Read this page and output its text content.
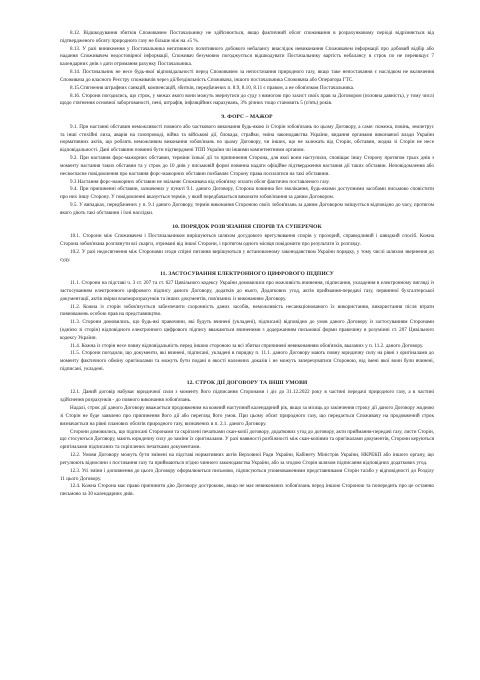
8.12. Відшкодування збитків Споживачем Постачальнику не здійснюється, якщо фактичний обсяг споживання в розрахунковому періоді відрізняється від підтвердженого обсягу природного газу не більше ніж на ±5 %.

8.13. У разі виникнення у Постачальника негативного позитивного добового небалансу внаслідок невиконання Споживачем інформації про добовий відбір або надання Споживачем недостовірної інформації, Споживач безумовно погоджується відшкодувати Постачальнику вартість небалансу в строк по не перевищує 7 календарних днів з дати отримання рахунку Постачальника.

8.14. Постачальник не несе будь-якої відповідальності перед Споживачем за непостачання природного газу, якщо таке непостачання є наслідком не включення Споживача до власного Реєстру споживачів через дії/бездіяльність Споживача, іншого постачальника Споживача або Оператора ГТС.

8.15.Стягнення штрафних санкцій, компенсацій, збитків, передбачених п. 8.9, 8.10, 8.11 є правом, а не обов'язком Постачальника.

8.16. Сторони погодились, що строк, у межах якого вони можуть звернутися до суду з вимогою про захист своїх прав за Договором (позовна давність), у тому числі щодо стягнення основної заборгованості, пені, штрафів, інфляційних нарахувань, 3% річних тощо становить 5 (п'ять) років.

9. ФОРС – МАЖОР

9.1. При настанні обставин неможливості повного або часткового виконання будь-якою із Сторін зобов'язань по цьому Договору, а саме: пожежа, повінь, землетрус та інші стихійні лиха, аварія на газопроводі, війна та військові дії, блокада, страйки, зміна законодавства України, видання органами виконавчої влади України нормативних актів, що роблять неможливим виконання зобов'язань по цьому Договору, чи інших, що не залежать від Сторін, обставин, жодна зі Сторін не несе відповідальності. Дані обставини повинні бути підтверджені ТПП України чи іншими компетентними органом.

9.2. При настання форс-мажорних обставин, терміни їхньої дії та припинення Сторона, для якої вони наступили, сповіщає іншу Сторону протягом трьох днів з моменту настання таких обставин та у строк до 10 днів у письмовій формі повинна надати офіційне підтвердження настання дії таких обставин. Неповідомлення або несвоєчасне повідомлення про настання форс-мажорних обставин позбавляє Сторону права посилатися на такі обставини.

9.3 Настання форс-мажорних обставин не звільняє Споживача від обов'язку оплати обсяг фактично поставленого газу.

9.4. При припиненні обставин, зазначених у пункті 9.1. даного Договору, Сторона повинна без зволікання, будь-якими доступними засобами письмово сповістити про них іншу Сторону. У повідомленні вказується термін, у який передбачається виконати зобов'язання за даним Договором.

9.5. У випадках, передбачених у п. 9.1 даного Договору, термін виконання Стороною своїх зобов'язань за даним Договором зміщується відповідно до часу, протягом якого діють такі обставини і їхні наслідки.

10. ПОРЯДОК РОЗВ'ЯЗАННЯ СПОРІВ ТА СУПЕРЕЧОК

10.1. Сторони між Споживачем і Постачальником вирішуються шляхом досудового врегулювання спорів у прозорий, справедливий і швидкий спосіб. Кожна Сторона зобов'язана розглянути всі скарги, отримані від іншої Сторони, і протягом одного місяця повідомити про результати їх розгляду.

10.2. У разі недосягнення між Сторонами згоди спірні питання вирішуються у встановленому законодавством України порядку, у тому числі шляхом звернення до суду.

11. ЗАСТОСУВАННЯ ЕЛЕКТРОННОГО ЦИФРОВОГО ПІДПИСУ

11.1. Сторони на підставі ч. 3 ст. 207 та ст. 627 Цивільного кодексу України домовилися про можливість вчинення, підписання, укладення в електронному вигляді із застосуванням електронного цифрового підпису даного Договору, додатків до нього, Додаткових угод, актів приймання-передачі газу, первинної бухгалтерської документації, актів звірки взаєморозрахунків та інших документів, пов'язаних із виконанням Договору.

11.2. Кожна із сторін зобов'язується забезпечити схоронність даних засобів, неможливість несанкціонованого їх використання, використання після втрати повноважень особою прав на представництво.

11.3. Сторони домовились, що будь-які правочини, які будуть вчинені (укладені), підписані) відповідно до умов даного Договору із застосуванням Сторонами (однією зі сторін) відповідного електронного цифрового підпису вважаються вчиненими з додержанням письмової форми правочину в розумінні ст. 207 Цивільного кодексу України.

11.4. Кожна із сторін несе повну відповідальність перед іншою стороною за всі збитки спричинені невиконанням обов'язків, вказаних у п. 11.2. даного Договору.

11.5. Сторони погодили, що документи, які вчинені, підписані, укладені в порядку п. 11.1. даного Договору мають повну юридичну силу на рівні з оригіналами до моменту фактичного обміну оригіналами та можуть бути подані в якості належних доказів і не можуть заперечуватися Стороною, від імені якої вони були вчинені, підписані, укладені.

12. СТРОК ДІЇ ДОГОВОРУ ТА ІНШІ УМОВИ

12.1. Даний договір набуває юридичної сили з моменту його підписання Сторонами і діє до 31.12.2022 року в частині передачі природного газу, а в частині здійснення розрахунків - до повного виконання зобов'язань.

Надалі, строк дії даного Договору вважається продовженим на кожний наступний календарний рік, якщо за місяць до закінчення строку дії даного Договору жодною зі Сторін не буде заявлено про припинення його дії або перегляд його умов. При цьому обсяг природного газу, що передається Споживачу на продовжений строк визначається на рівні планових обсягів природного газу, визначених в п. 2.1. даного Договору.

Сторони домовились, що підписані Сторонами та скріплені печатками скан-копії договору, додаткових угод до договору, акти приймання-передачі газу, листи Сторін, що стосуються Договору, мають юридичну силу до заміни їх оригіналами. У разі наявності розбіжності між скан-копіями та оригіналами документів, Сторони керуються оригіналами підписаних та скріплених печатками документами.

12.2. Умови Договору можуть бути змінені на підставі нормативних актів Верховної Ради України, Кабінету Міністрів України, НКРЕКП або іншого органу, що регулюють відносини з постачання газу та приймаються згідно чинного законодавства України, або за згодою Сторін шляхом підписання відповідних додаткових угод.

12.3. Усі зміни і доповнення до цього Договору оформлюються письмово, підписуються уповноваженими представниками Сторін та/або у відповідності до Розділу 11 цього Договору.

12.4. Кожна Сторона має право припинити дію Договору достроково, якщо не має невиконаних зобов'язань перед іншою Стороною та попередить про це останню письмово за 30 календарних днів.
